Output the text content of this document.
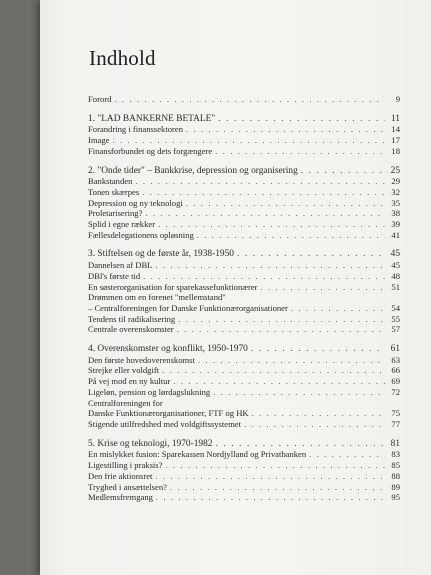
Indhold
Forord . . .	9
1. "LAD BANKERNE BETALE" . . .	11
Forandring i finanssektoren . . .	14
Image . . .	17
Finansforbundet og dets forgængere . . .	18
2. "Onde tider" – Bankkrise, depression og organisering . . .	25
Bankstanden . . .	29
Tonen skærpes . . .	32
Depression og ny teknologi . . .	35
Proletarisering? . . .	38
Splid i egne rækker . . .	39
Fællesdelegationens opløsning . . .	41
3. Stiftelsen og de første år, 1938-1950 . . .	45
Dannelsen af DBL . . .	45
DBl's første tid . . .	48
En søsterorganisation for sparekassefunktionærer . . .	51
Drømmen om en forenet "mellemstand"
– Centralforeningen for Danske Funktionærorganisationer . . .	54
Tendens til radikalisering . . .	55
Centrale overenskomster . . .	57
4. Overenskomster og konflikt, 1950-1970 . . .	61
Den første hovedoverenskomst . . .	63
Strejke eller voldgift . . .	66
På vej mod en ny kultur . . .	69
Ligeløn, pension og lørdagslukning . . .	72
Centralforeningen for
Danske Funktionærorganisationer, FTF og HK . . .	75
Stigende utilfredshed med voldgiftssystemet . . .	77
5. Krise og teknologi, 1970-1982 . . .	81
En mislykket fusion: Sparekassen Nordjylland og Privatbanken . . .	83
Ligestilling i praksis? . . .	85
Den frie aktionsret . . .	88
Tryghed i ansættelsen? . . .	89
Medlemsfremgang . . .	95
